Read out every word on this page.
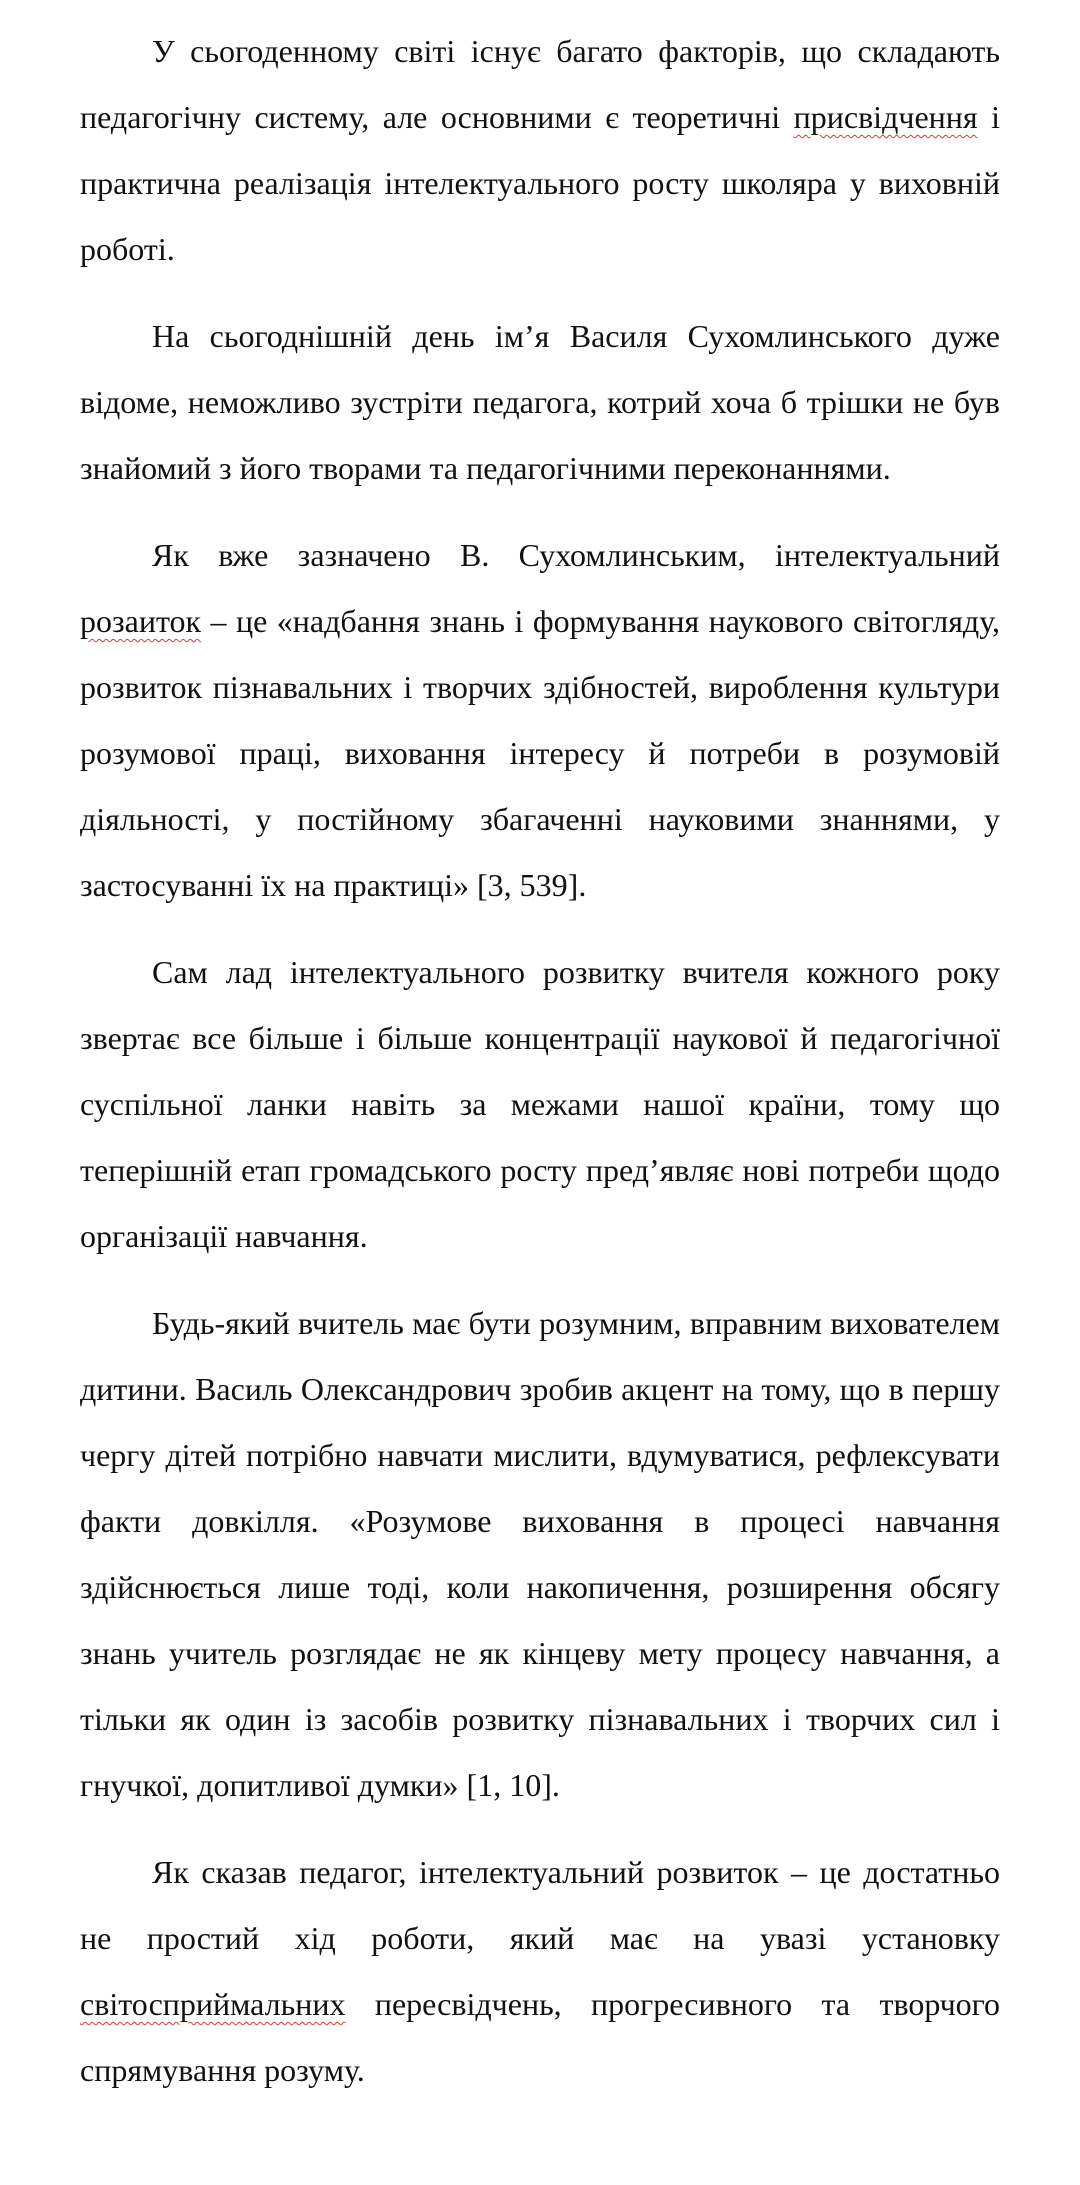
У сьогоденному світі існує багато факторів, що складають педагогічну систему, але основними є теоретичні присвідчення і практична реалізація інтелектуального росту школяра у виховній роботі.

На сьогоднішній день ім’я Василя Сухомлинського дуже відоме, неможливо зустріти педагога, котрий хоча б трішки не був знайомий з його творами та педагогічними переконаннями.

Як вже зазначено В. Сухомлинським, інтелектуальний розаиток – це «надбання знань і формування наукового світогляду, розвиток пізнавальних і творчих здібностей, вироблення культури розумової праці, виховання інтересу й потреби в розумовій діяльності, у постійному збагаченні науковими знаннями, у застосуванні їх на практиці» [3, 539].

Сам лад інтелектуального розвитку вчителя кожного року звертає все більше і більше концентрації наукової й педагогічної суспільної ланки навіть за межами нашої країни, тому що теперішній етап громадського росту пред’являє нові потреби щодо організації навчання.

Будь-який вчитель має бути розумним, вправним вихователем дитини. Василь Олександрович зробив акцент на тому, що в першу чергу дітей потрібно навчати мислити, вдумуватися, рефлексувати факти довкілля. «Розумове виховання в процесі навчання здійснюється лише тоді, коли накопичення, розширення обсягу знань учитель розглядає не як кінцеву мету процесу навчання, а тільки як один із засобів розвитку пізнавальних і творчих сил і гнучкої, допитливої думки» [1, 10].

Як сказав педагог, інтелектуальний розвиток – це достатньо не простий хід роботи, який має на увазі установку світосприймальних пересвідчень, прогресивного та творчого спрямування розуму.
